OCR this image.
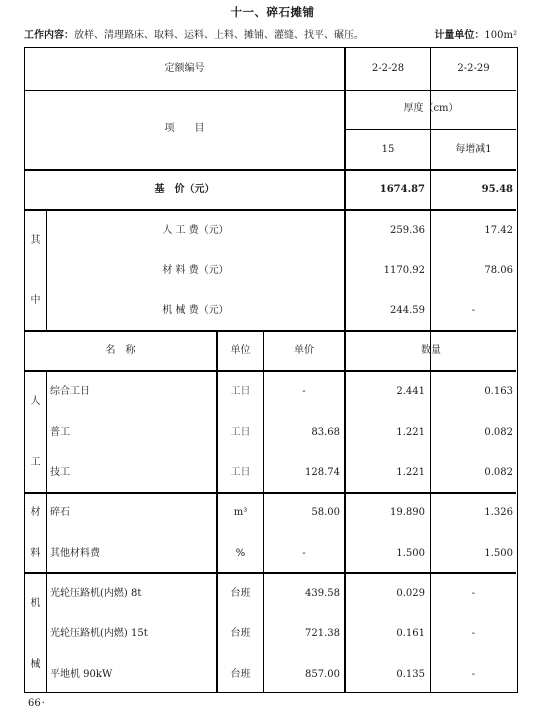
十一、碎石摊铺
工作内容：放样、清理路床、取料、运料、上料、摊铺、灌缝、找平、碾压。	计量单位：100m²
定额编号	2-2-28	2-2-29
项　　目
厚度（cm）
15	每增减1
基　价（元）	1674.87	95.48
其
中
人 工 费（元）	259.36	17.42
材 料 费（元）	1170.92	78.06
机 械 费（元）	244.59	-
名　称	单位	单价	数量
人
工
综合工日	工日	-	2.441	0.163
普工	工日	83.68	1.221	0.082
技工	工日	128.74	1.221	0.082
材
料
碎石	m³	58.00	19.890	1.326
其他材料费	%	-	1.500	1.500
机
械
光轮压路机(内燃) 8t	台班	439.58	0.029	-
光轮压路机(内燃) 15t	台班	721.38	0.161	-
平地机 90kW	台班	857.00	0.135	-
66 ·
